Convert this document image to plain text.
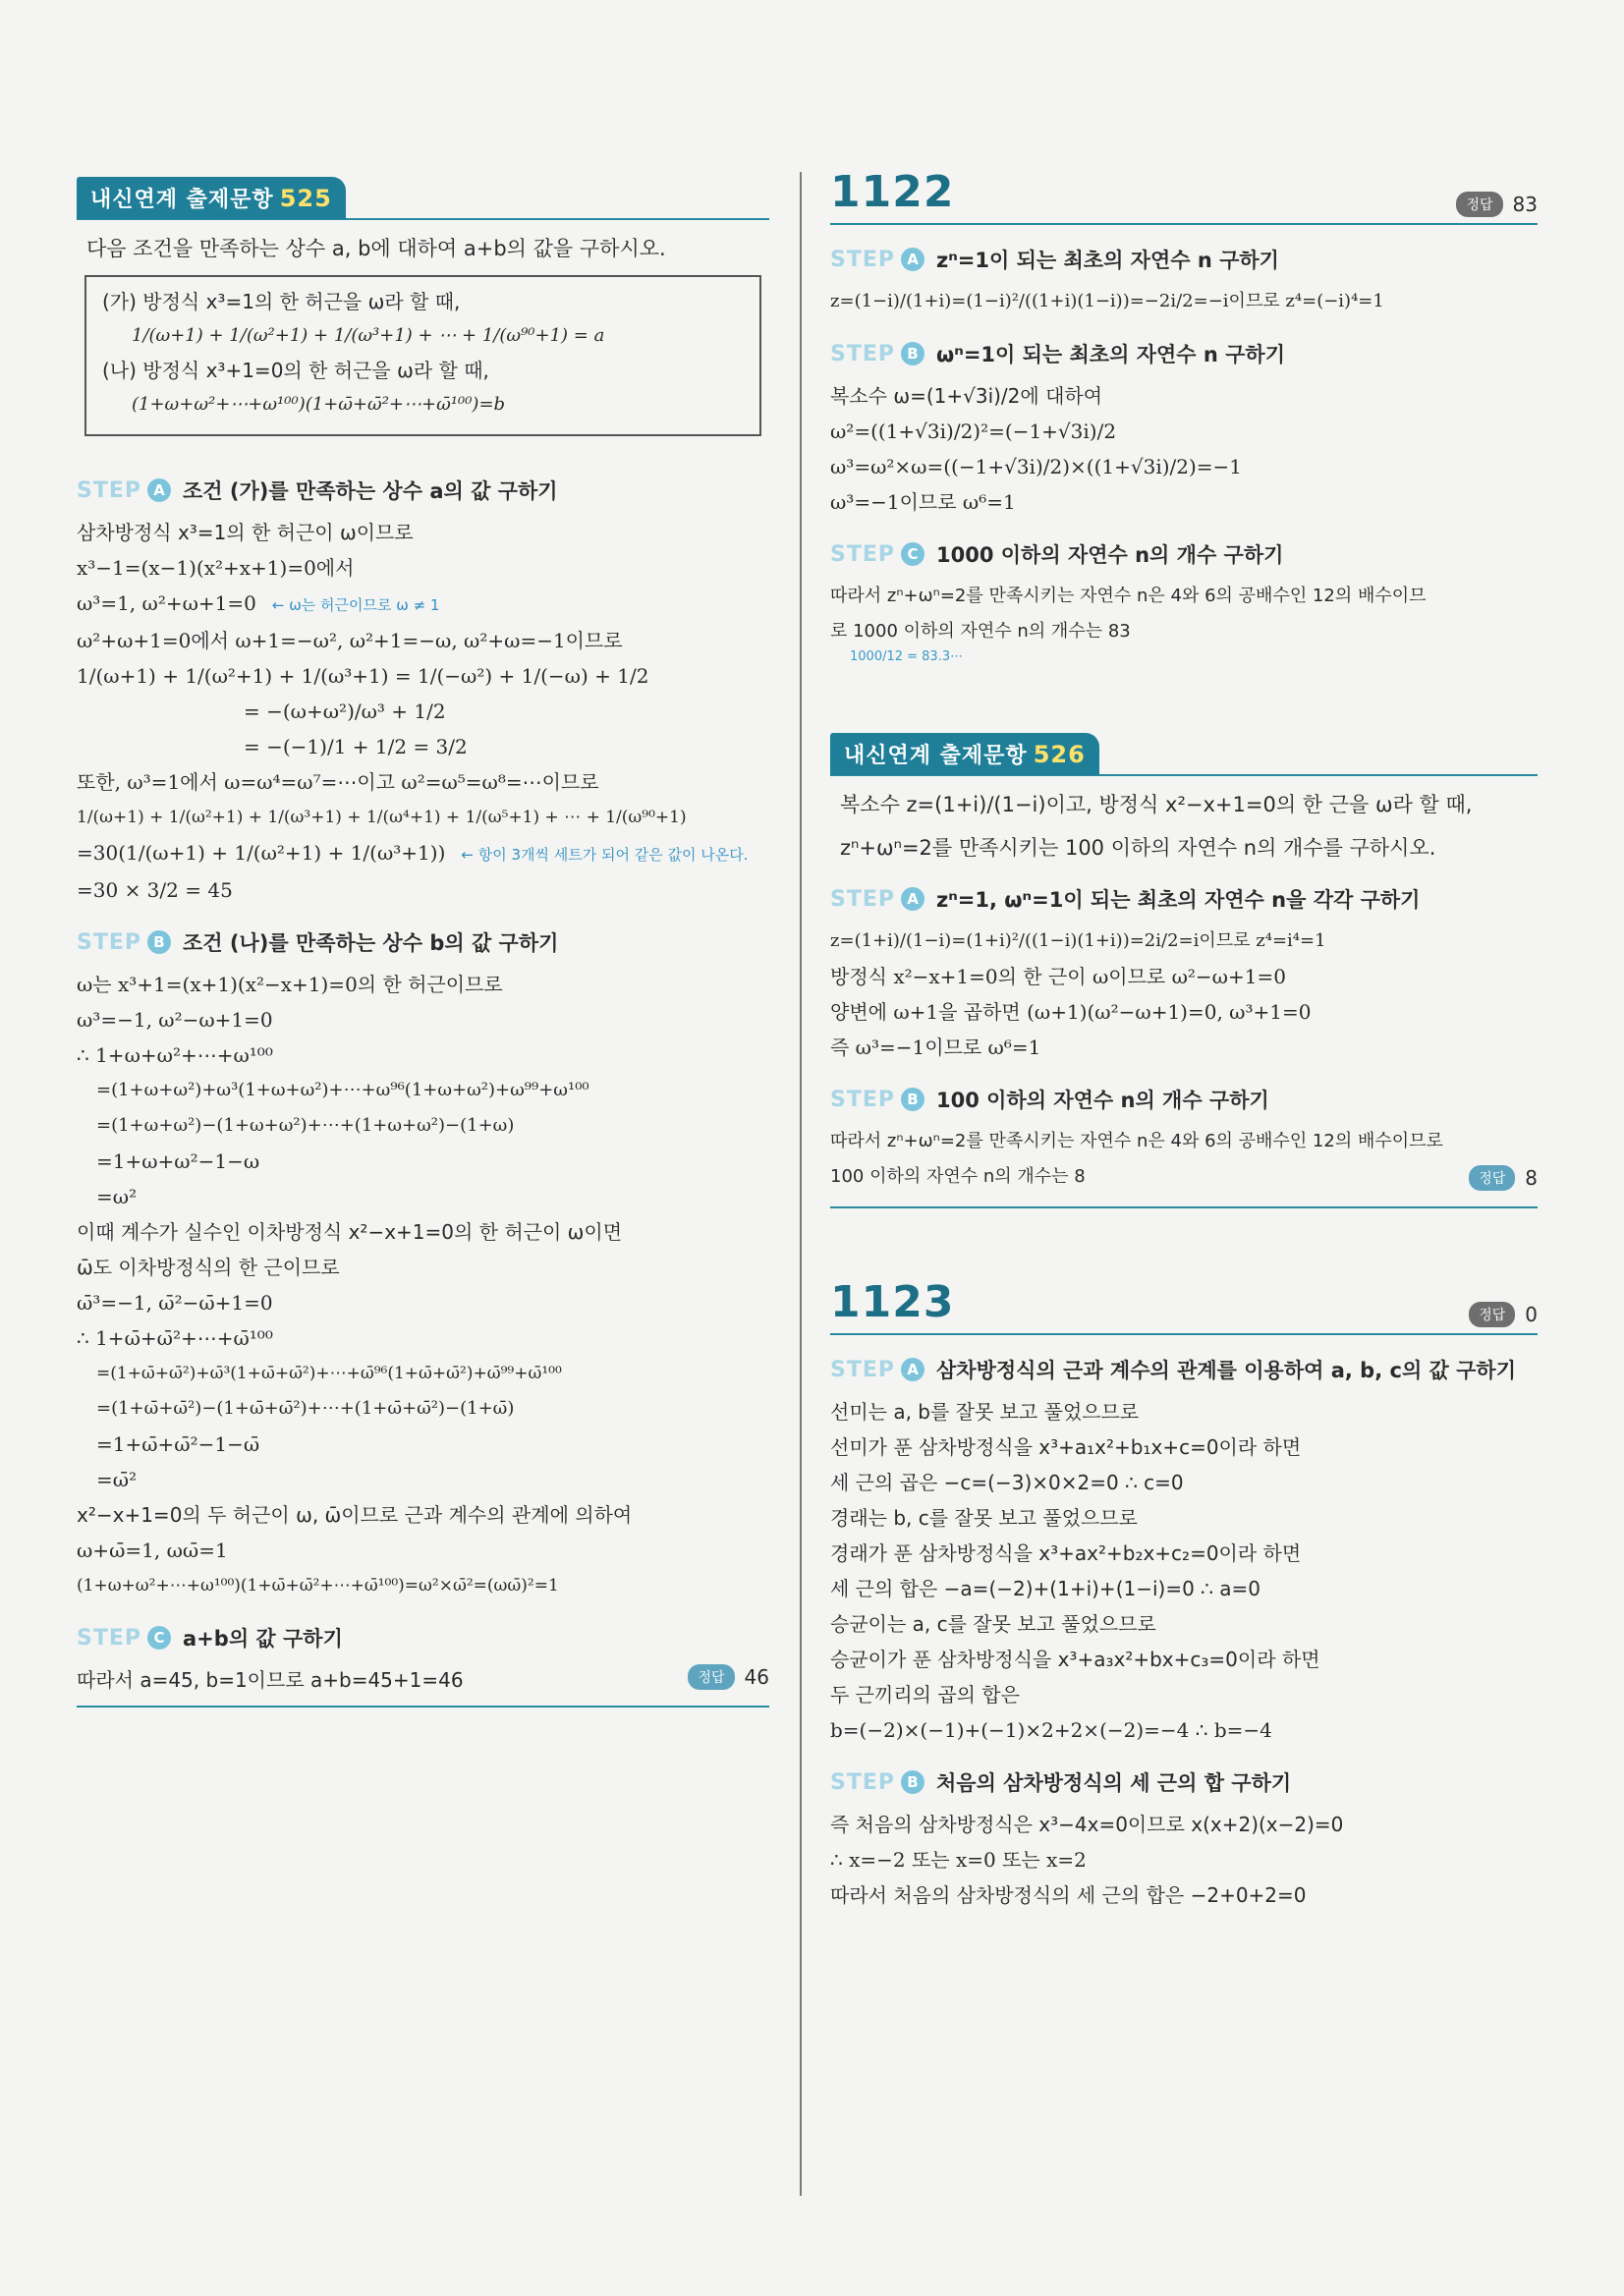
내신연계 출제문항 525
다음 조건을 만족하는 상수 a, b에 대하여 a+b의 값을 구하시오.
(가) 방정식 x³=1의 한 허근을 ω라 할 때,
1/(ω+1) + 1/(ω²+1) + 1/(ω³+1) + ⋯ + 1/(ω⁹⁰+1) = a
(나) 방정식 x³+1=0의 한 허근을 ω라 할 때,
(1+ω+ω²+⋯+ω¹⁰⁰)(1+ω̄+ω̄²+⋯+ω̄¹⁰⁰)=b
STEP A 조건 (가)를 만족하는 상수 a의 값 구하기
삼차방정식 x³=1의 한 허근이 ω이므로
x³−1=(x−1)(x²+x+1)=0에서
ω³=1, ω²+ω+1=0 ← ω는 허근이므로 ω ≠ 1
ω²+ω+1=0에서 ω+1=−ω², ω²+1=−ω, ω²+ω=−1이므로
1/(ω+1) + 1/(ω²+1) + 1/(ω³+1) = 1/(−ω²) + 1/(−ω) + 1/2
= −(ω+ω²)/ω³ + 1/2
= −(−1)/1 + 1/2 = 3/2
또한, ω³=1에서 ω=ω⁴=ω⁷=⋯이고 ω²=ω⁵=ω⁸=⋯이므로
1/(ω+1) + 1/(ω²+1) + 1/(ω³+1) + 1/(ω⁴+1) + 1/(ω⁵+1) + ⋯ + 1/(ω⁹⁰+1)
=30(1/(ω+1) + 1/(ω²+1) + 1/(ω³+1)) ← 항이 3개씩 세트가 되어 같은 값이 나온다.
=30 × 3/2 = 45
STEP B 조건 (나)를 만족하는 상수 b의 값 구하기
ω는 x³+1=(x+1)(x²−x+1)=0의 한 허근이므로
ω³=−1, ω²−ω+1=0
∴ 1+ω+ω²+⋯+ω¹⁰⁰
=(1+ω+ω²)+ω³(1+ω+ω²)+⋯+ω⁹⁶(1+ω+ω²)+ω⁹⁹+ω¹⁰⁰
=(1+ω+ω²)−(1+ω+ω²)+⋯+(1+ω+ω²)−(1+ω)
=1+ω+ω²−1−ω
=ω²
이때 계수가 실수인 이차방정식 x²−x+1=0의 한 허근이 ω이면
ω̄도 이차방정식의 한 근이므로
ω̄³=−1, ω̄²−ω̄+1=0
∴ 1+ω̄+ω̄²+⋯+ω̄¹⁰⁰
=(1+ω̄+ω̄²)+ω̄³(1+ω̄+ω̄²)+⋯+ω̄⁹⁶(1+ω̄+ω̄²)+ω̄⁹⁹+ω̄¹⁰⁰
=(1+ω̄+ω̄²)−(1+ω̄+ω̄²)+⋯+(1+ω̄+ω̄²)−(1+ω̄)
=1+ω̄+ω̄²−1−ω̄
=ω̄²
x²−x+1=0의 두 허근이 ω, ω̄이므로 근과 계수의 관계에 의하여
ω+ω̄=1, ωω̄=1
(1+ω+ω²+⋯+ω¹⁰⁰)(1+ω̄+ω̄²+⋯+ω̄¹⁰⁰)=ω²×ω̄²=(ωω̄)²=1
STEP C a+b의 값 구하기
따라서 a=45, b=1이므로 a+b=45+1=46	정답	46
1122	정답	83
STEP A zⁿ=1이 되는 최초의 자연수 n 구하기
z=(1−i)/(1+i)=(1−i)²/((1+i)(1−i))=−2i/2=−i이므로 z⁴=(−i)⁴=1
STEP B ωⁿ=1이 되는 최초의 자연수 n 구하기
복소수 ω=(1+√3i)/2에 대하여
ω²=((1+√3i)/2)²=(−1+√3i)/2
ω³=ω²×ω=((−1+√3i)/2)×((1+√3i)/2)=−1
ω³=−1이므로 ω⁶=1
STEP C 1000 이하의 자연수 n의 개수 구하기
따라서 zⁿ+ωⁿ=2를 만족시키는 자연수 n은 4와 6의 공배수인 12의 배수이므
로 1000 이하의 자연수 n의 개수는 83
1000/12 = 83.3⋯
내신연계 출제문항 526
복소수 z=(1+i)/(1−i)이고, 방정식 x²−x+1=0의 한 근을 ω라 할 때,
zⁿ+ωⁿ=2를 만족시키는 100 이하의 자연수 n의 개수를 구하시오.
STEP A zⁿ=1, ωⁿ=1이 되는 최초의 자연수 n을 각각 구하기
z=(1+i)/(1−i)=(1+i)²/((1−i)(1+i))=2i/2=i이므로 z⁴=i⁴=1
방정식 x²−x+1=0의 한 근이 ω이므로 ω²−ω+1=0
양변에 ω+1을 곱하면 (ω+1)(ω²−ω+1)=0, ω³+1=0
즉 ω³=−1이므로 ω⁶=1
STEP B 100 이하의 자연수 n의 개수 구하기
따라서 zⁿ+ωⁿ=2를 만족시키는 자연수 n은 4와 6의 공배수인 12의 배수이므로
100 이하의 자연수 n의 개수는 8	정답	8
1123	정답	0
STEP A 삼차방정식의 근과 계수의 관계를 이용하여 a, b, c의 값 구하기
선미는 a, b를 잘못 보고 풀었으므로
선미가 푼 삼차방정식을 x³+a₁x²+b₁x+c=0이라 하면
세 근의 곱은 −c=(−3)×0×2=0 ∴ c=0
경래는 b, c를 잘못 보고 풀었으므로
경래가 푼 삼차방정식을 x³+ax²+b₂x+c₂=0이라 하면
세 근의 합은 −a=(−2)+(1+i)+(1−i)=0 ∴ a=0
승균이는 a, c를 잘못 보고 풀었으므로
승균이가 푼 삼차방정식을 x³+a₃x²+bx+c₃=0이라 하면
두 근끼리의 곱의 합은
b=(−2)×(−1)+(−1)×2+2×(−2)=−4 ∴ b=−4
STEP B 처음의 삼차방정식의 세 근의 합 구하기
즉 처음의 삼차방정식은 x³−4x=0이므로 x(x+2)(x−2)=0
∴ x=−2 또는 x=0 또는 x=2
따라서 처음의 삼차방정식의 세 근의 합은 −2+0+2=0
